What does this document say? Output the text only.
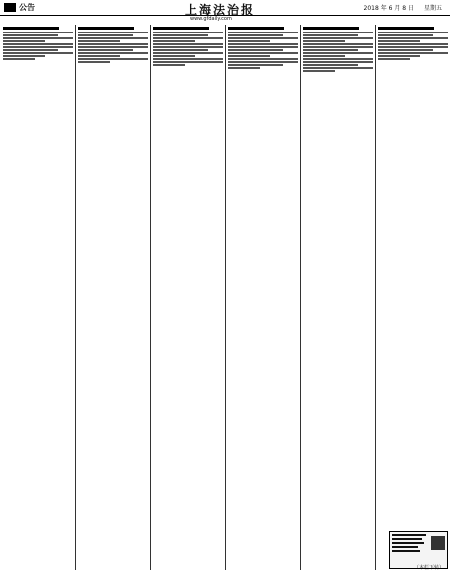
公告	上海法治报	2018 年 6 月 8 日 星期五
www.gfdaily.com
（本栏下转）
